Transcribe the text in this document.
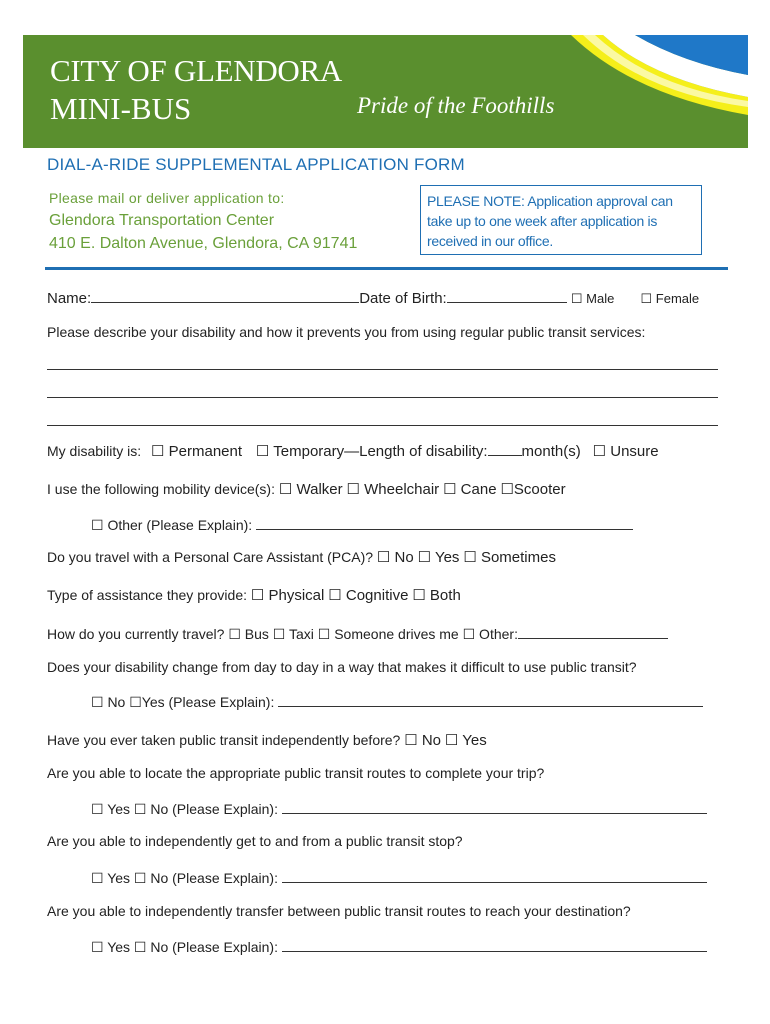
CITY OF GLENDORA
MINI-BUS	Pride of the Foothills
DIAL-A-RIDE SUPPLEMENTAL APPLICATION FORM
Please mail or deliver application to:
Glendora Transportation Center
410 E. Dalton Avenue, Glendora, CA 91741
PLEASE NOTE: Application approval can take up to one week after application is received in our office.
Name:	Date of Birth:	☐ Male ☐ Female
Please describe your disability and how it prevents you from using regular public transit services:
My disability is: ☐ Permanent ☐ Temporary—Length of disability: month(s) ☐ Unsure
I use the following mobility device(s): ☐ Walker ☐ Wheelchair ☐ Cane ☐Scooter
☐ Other (Please Explain):
Do you travel with a Personal Care Assistant (PCA)? ☐ No ☐ Yes ☐ Sometimes
Type of assistance they provide: ☐ Physical ☐ Cognitive ☐ Both
How do you currently travel? ☐ Bus ☐ Taxi ☐ Someone drives me ☐ Other:
Does your disability change from day to day in a way that makes it difficult to use public transit?
☐ No ☐Yes (Please Explain):
Have you ever taken public transit independently before? ☐ No ☐ Yes
Are you able to locate the appropriate public transit routes to complete your trip?
☐ Yes ☐ No (Please Explain):
Are you able to independently get to and from a public transit stop?
☐ Yes ☐ No (Please Explain):
Are you able to independently transfer between public transit routes to reach your destination?
☐ Yes ☐ No (Please Explain):
